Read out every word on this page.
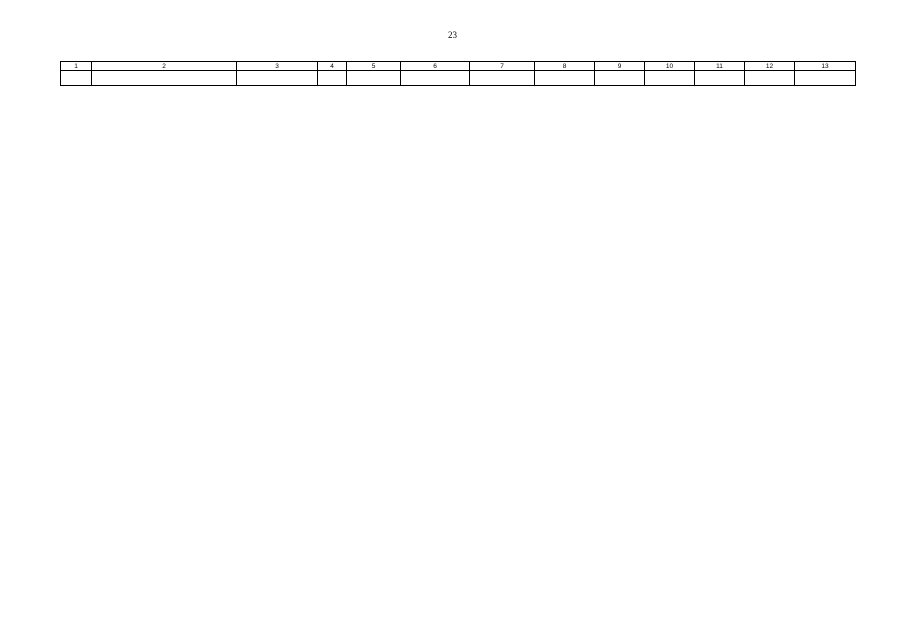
23
1	2	3	4	5	6	7	8	9	10	11	12	13
